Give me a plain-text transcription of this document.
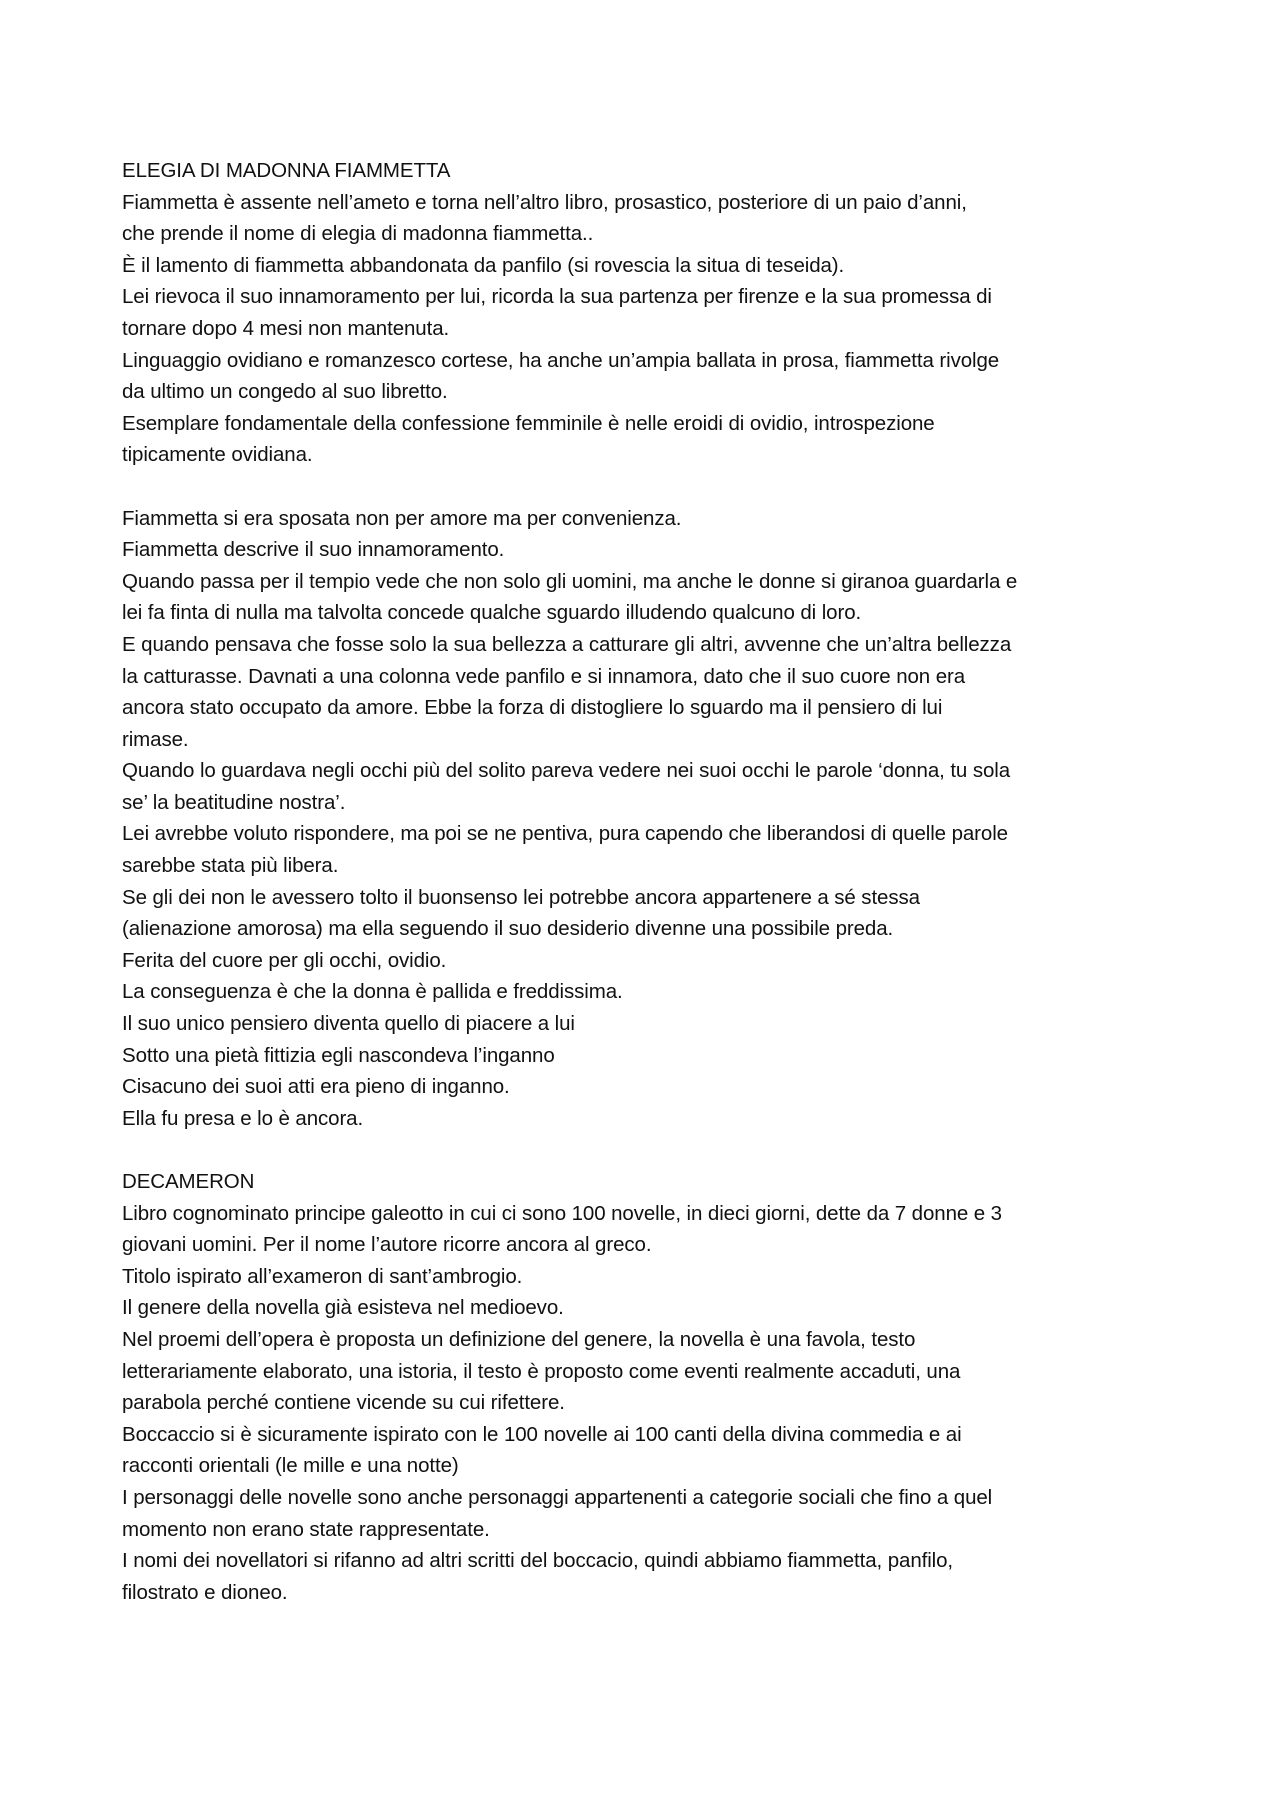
ELEGIA DI MADONNA FIAMMETTA
Fiammetta è assente nell’ameto e torna nell’altro libro, prosastico, posteriore di un paio d’anni,
che prende il nome di elegia di madonna fiammetta..
È il lamento di fiammetta abbandonata da panfilo (si rovescia la situa di teseida).
Lei rievoca il suo innamoramento per lui, ricorda la sua partenza per firenze e la sua promessa di
tornare dopo 4 mesi non mantenuta.
Linguaggio ovidiano e romanzesco cortese, ha anche un’ampia ballata in prosa, fiammetta rivolge
da ultimo un congedo al suo libretto.
Esemplare fondamentale della confessione femminile è nelle eroidi di ovidio, introspezione
tipicamente ovidiana.
Fiammetta si era sposata non per amore ma per convenienza.
Fiammetta descrive il suo innamoramento.
Quando passa per il tempio vede che non solo gli uomini, ma anche le donne si giranoa guardarla e
lei fa finta di nulla ma talvolta concede qualche sguardo illudendo qualcuno di loro.
E quando pensava che fosse solo la sua bellezza a catturare gli altri, avvenne che un’altra bellezza
la catturasse. Davnati a una colonna vede panfilo e si innamora, dato che il suo cuore non era
ancora stato occupato da amore. Ebbe la forza di distogliere lo sguardo ma il pensiero di lui
rimase.
Quando lo guardava negli occhi più del solito pareva vedere nei suoi occhi le parole ‘donna, tu sola
se’ la beatitudine nostra’.
Lei avrebbe voluto rispondere, ma poi se ne pentiva, pura capendo che liberandosi di quelle parole
sarebbe stata più libera.
Se gli dei non le avessero tolto il buonsenso lei potrebbe ancora appartenere a sé stessa
(alienazione amorosa) ma ella seguendo il suo desiderio divenne una possibile preda.
Ferita del cuore per gli occhi, ovidio.
La conseguenza è che la donna è pallida e freddissima.
Il suo unico pensiero diventa quello di piacere a lui
Sotto una pietà fittizia egli nascondeva l’inganno
Cisacuno dei suoi atti era pieno di inganno.
Ella fu presa e lo è ancora.
DECAMERON
Libro cognominato principe galeotto in cui ci sono 100 novelle, in dieci giorni, dette da 7 donne e 3
giovani uomini. Per il nome l’autore ricorre ancora al greco.
Titolo ispirato all’exameron di sant’ambrogio.
Il genere della novella già esisteva nel medioevo.
Nel proemi dell’opera è proposta un definizione del genere, la novella è una favola, testo
letterariamente elaborato, una istoria, il testo è proposto come eventi realmente accaduti, una
parabola perché contiene vicende su cui rifettere.
Boccaccio si è sicuramente ispirato con le 100 novelle ai 100 canti della divina commedia e ai
racconti orientali (le mille e una notte)
I personaggi delle novelle sono anche personaggi appartenenti a categorie sociali che fino a quel
momento non erano state rappresentate.
I nomi dei novellatori si rifanno ad altri scritti del boccacio, quindi abbiamo fiammetta, panfilo,
filostrato e dioneo.
